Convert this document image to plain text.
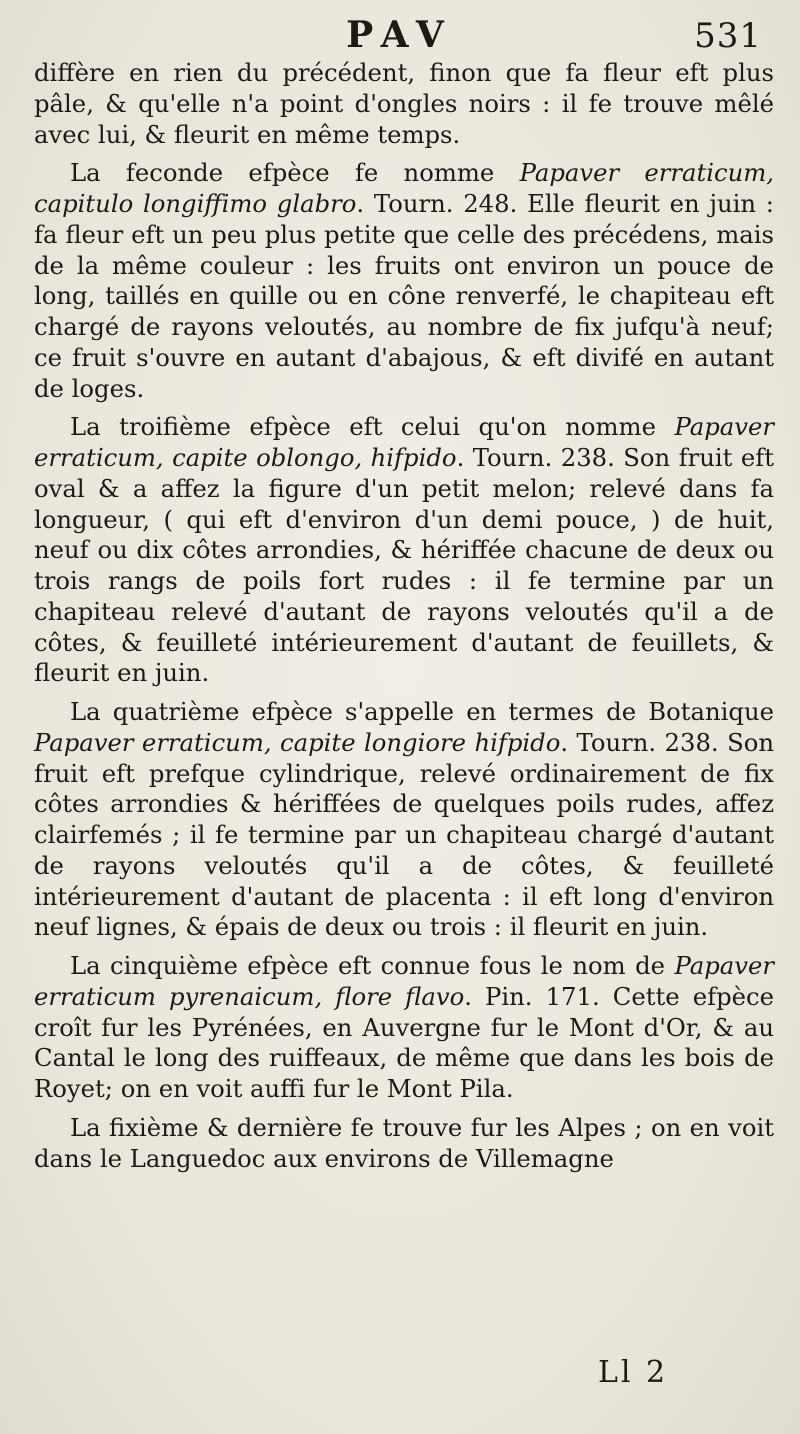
PAV	531

diffère en rien du précédent, finon que fa fleur eft plus pâle, & qu'elle n'a point d'ongles noirs : il fe trouve mêlé avec lui, & fleurit en même temps.

La feconde efpèce fe nomme Papaver erraticum, capitulo longiffimo glabro. Tourn. 248. Elle fleurit en juin : fa fleur eft un peu plus petite que celle des précédens, mais de la même couleur : les fruits ont environ un pouce de long, taillés en quille ou en cône renverfé, le chapiteau eft chargé de rayons veloutés, au nombre de fix jufqu'à neuf; ce fruit s'ouvre en autant d'abajous, & eft divifé en autant de loges.

La troifième efpèce eft celui qu'on nomme Papaver erraticum, capite oblongo, hifpido. Tourn. 238. Son fruit eft oval & a affez la figure d'un petit melon; relevé dans fa longueur, ( qui eft d'environ d'un demi pouce, ) de huit, neuf ou dix côtes arrondies, & hériffée chacune de deux ou trois rangs de poils fort rudes : il fe termine par un chapiteau relevé d'autant de rayons veloutés qu'il a de côtes, & feuilleté intérieurement d'autant de feuillets, & fleurit en juin.

La quatrième efpèce s'appelle en termes de Botanique Papaver erraticum, capite longiore hifpido. Tourn. 238. Son fruit eft prefque cylindrique, relevé ordinairement de fix côtes arrondies & hériffées de quelques poils rudes, affez clairfemés ; il fe termine par un chapiteau chargé d'autant de rayons veloutés qu'il a de côtes, & feuilleté intérieurement d'autant de placenta : il eft long d'environ neuf lignes, & épais de deux ou trois : il fleurit en juin.

La cinquième efpèce eft connue fous le nom de Papaver erraticum pyrenaicum, flore flavo. Pin. 171. Cette efpèce croît fur les Pyrénées, en Auvergne fur le Mont d'Or, & au Cantal le long des ruiffeaux, de même que dans les bois de Royet; on en voit auffi fur le Mont Pila.

La fixième & dernière fe trouve fur les Alpes ; on en voit dans le Languedoc aux environs de Villemagne

Ll 2
